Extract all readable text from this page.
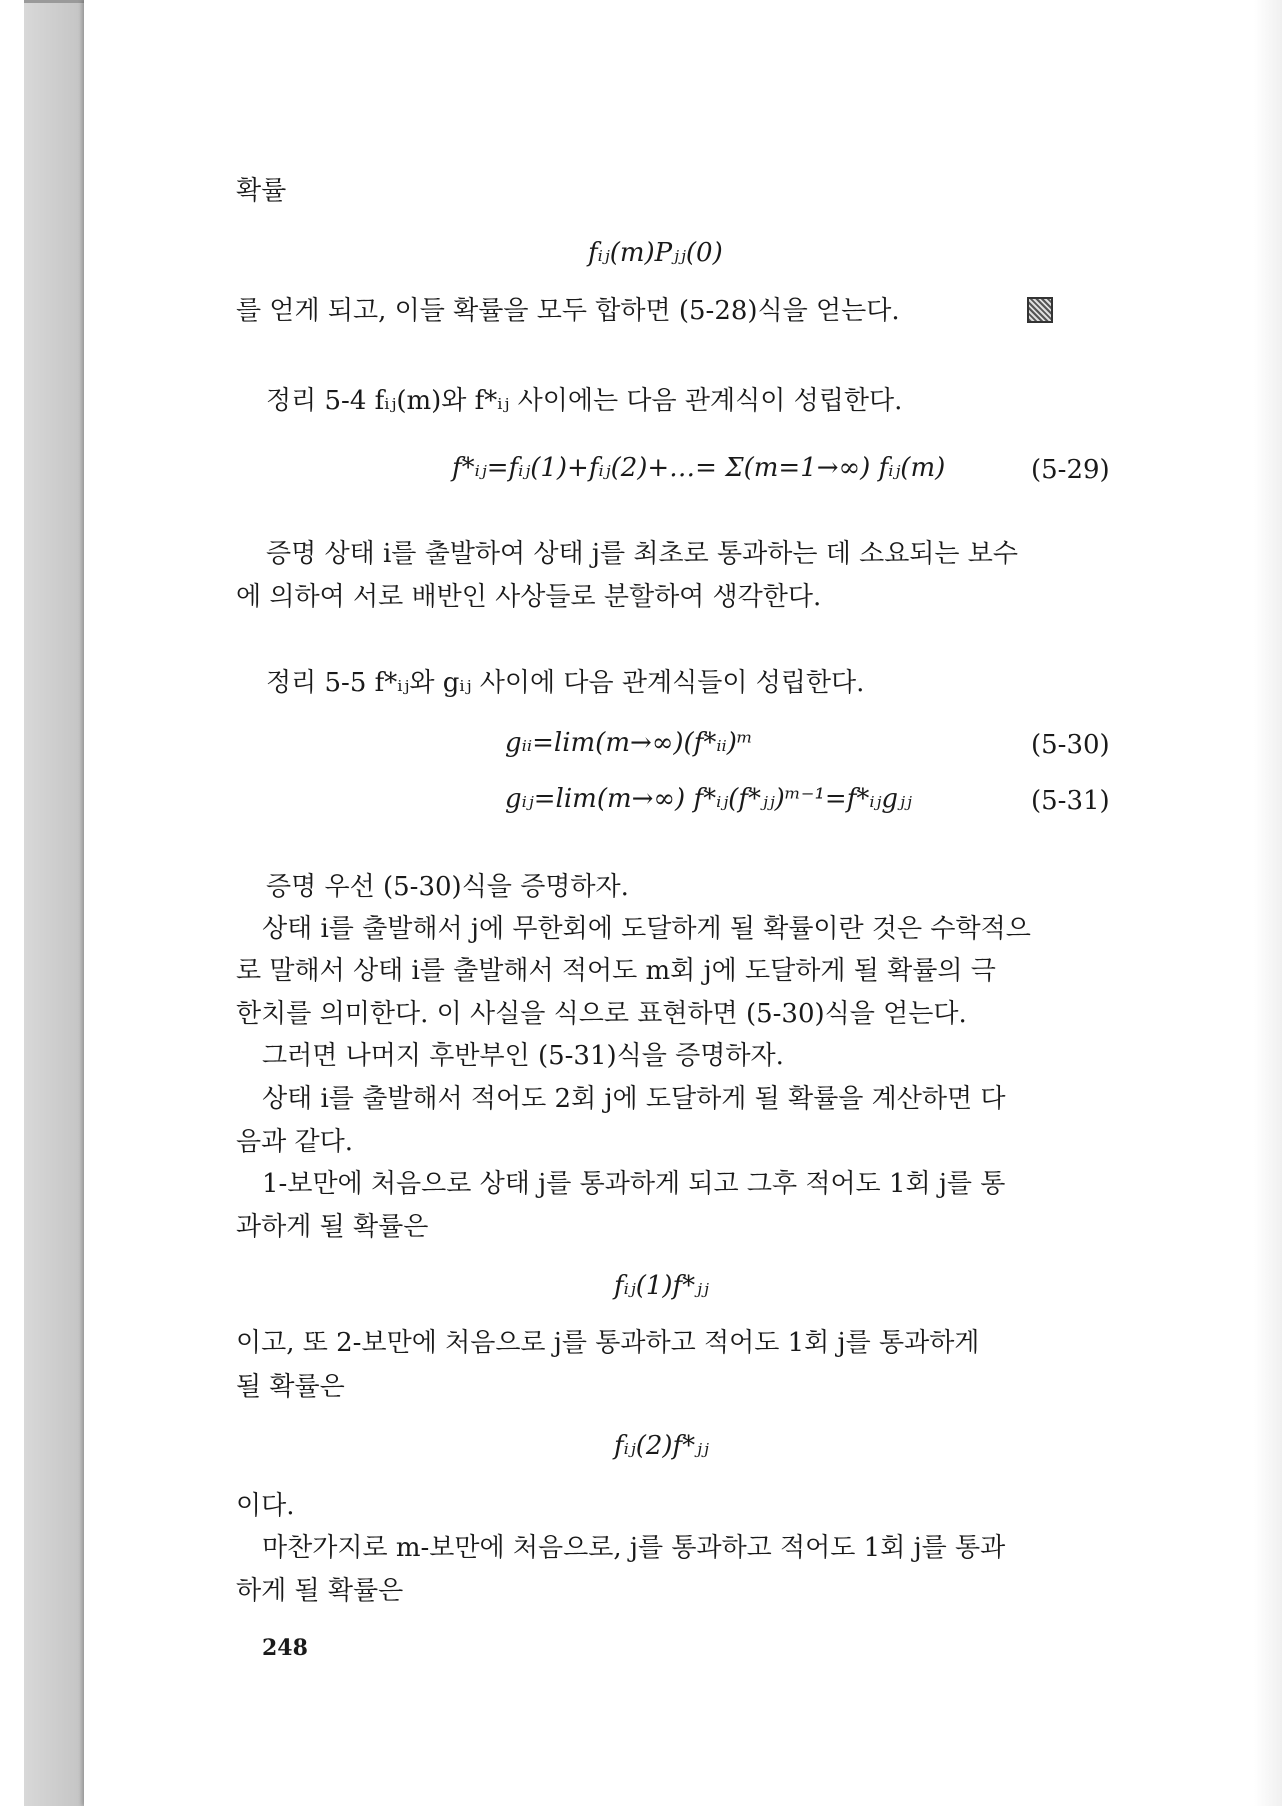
확률
fᵢⱼ(m)Pⱼⱼ(0)
를 얻게 되고, 이들 확률을 모두 합하면 (5-28)식을 얻는다.
정리 5-4 fᵢⱼ(m)와 f*ᵢⱼ 사이에는 다음 관계식이 성립한다.
f*ᵢⱼ=fᵢⱼ(1)+fᵢⱼ(2)+…= Σ(m=1→∞) fᵢⱼ(m)	(5-29)
증명 상태 i를 출발하여 상태 j를 최초로 통과하는 데 소요되는 보수
에 의하여 서로 배반인 사상들로 분할하여 생각한다.
정리 5-5 f*ᵢⱼ와 gᵢⱼ 사이에 다음 관계식들이 성립한다.
gᵢᵢ=lim(m→∞)(f*ᵢᵢ)ᵐ	(5-30)
gᵢⱼ=lim(m→∞) f*ᵢⱼ(f*ⱼⱼ)ᵐ⁻¹=f*ᵢⱼgⱼⱼ	(5-31)
증명 우선 (5-30)식을 증명하자.
상태 i를 출발해서 j에 무한회에 도달하게 될 확률이란 것은 수학적으
로 말해서 상태 i를 출발해서 적어도 m회 j에 도달하게 될 확률의 극
한치를 의미한다. 이 사실을 식으로 표현하면 (5-30)식을 얻는다.
그러면 나머지 후반부인 (5-31)식을 증명하자.
상태 i를 출발해서 적어도 2회 j에 도달하게 될 확률을 계산하면 다
음과 같다.
1-보만에 처음으로 상태 j를 통과하게 되고 그후 적어도 1회 j를 통
과하게 될 확률은
fᵢⱼ(1)f*ⱼⱼ
이고, 또 2-보만에 처음으로 j를 통과하고 적어도 1회 j를 통과하게
될 확률은
fᵢⱼ(2)f*ⱼⱼ
이다.
마찬가지로 m-보만에 처음으로, j를 통과하고 적어도 1회 j를 통과
하게 될 확률은
248
